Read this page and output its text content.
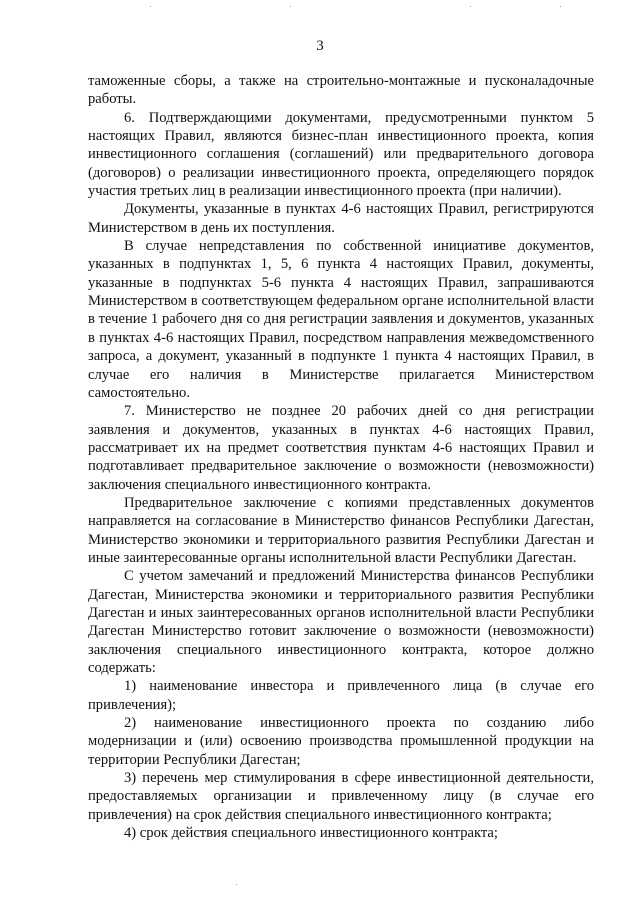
3

таможенные сборы, а также на строительно-монтажные и пусконаладочные работы.

6. Подтверждающими документами, предусмотренными пунктом 5 настоящих Правил, являются бизнес-план инвестиционного проекта, копия инвестиционного соглашения (соглашений) или предварительного договора (договоров) о реализации инвестиционного проекта, определяющего порядок участия третьих лиц в реализации инвестиционного проекта (при наличии).

Документы, указанные в пунктах 4-6 настоящих Правил, регистрируются Министерством в день их поступления.

В случае непредставления по собственной инициативе документов, указанных в подпунктах 1, 5, 6 пункта 4 настоящих Правил, документы, указанные в подпунктах 5-6 пункта 4 настоящих Правил, запрашиваются Министерством в соответствующем федеральном органе исполнительной власти в течение 1 рабочего дня со дня регистрации заявления и документов, указанных в пунктах 4-6 настоящих Правил, посредством направления межведомственного запроса, а документ, указанный в подпункте 1 пункта 4 настоящих Правил, в случае его наличия в Министерстве прилагается Министерством самостоятельно.

7. Министерство не позднее 20 рабочих дней со дня регистрации заявления и документов, указанных в пунктах 4-6 настоящих Правил, рассматривает их на предмет соответствия пунктам 4-6 настоящих Правил и подготавливает предварительное заключение о возможности (невозможности) заключения специального инвестиционного контракта.

Предварительное заключение с копиями представленных документов направляется на согласование в Министерство финансов Республики Дагестан, Министерство экономики и территориального развития Республики Дагестан и иные заинтересованные органы исполнительной власти Республики Дагестан.

С учетом замечаний и предложений Министерства финансов Республики Дагестан, Министерства экономики и территориального развития Республики Дагестан и иных заинтересованных органов исполнительной власти Республики Дагестан Министерство готовит заключение о возможности (невозможности) заключения специального инвестиционного контракта, которое должно содержать:

1) наименование инвестора и привлеченного лица (в случае его привлечения);

2) наименование инвестиционного проекта по созданию либо модернизации и (или) освоению производства промышленной продукции на территории Республики Дагестан;

3) перечень мер стимулирования в сфере инвестиционной деятельности, предоставляемых организации и привлеченному лицу (в случае его привлечения) на срок действия специального инвестиционного контракта;

4) срок действия специального инвестиционного контракта;
